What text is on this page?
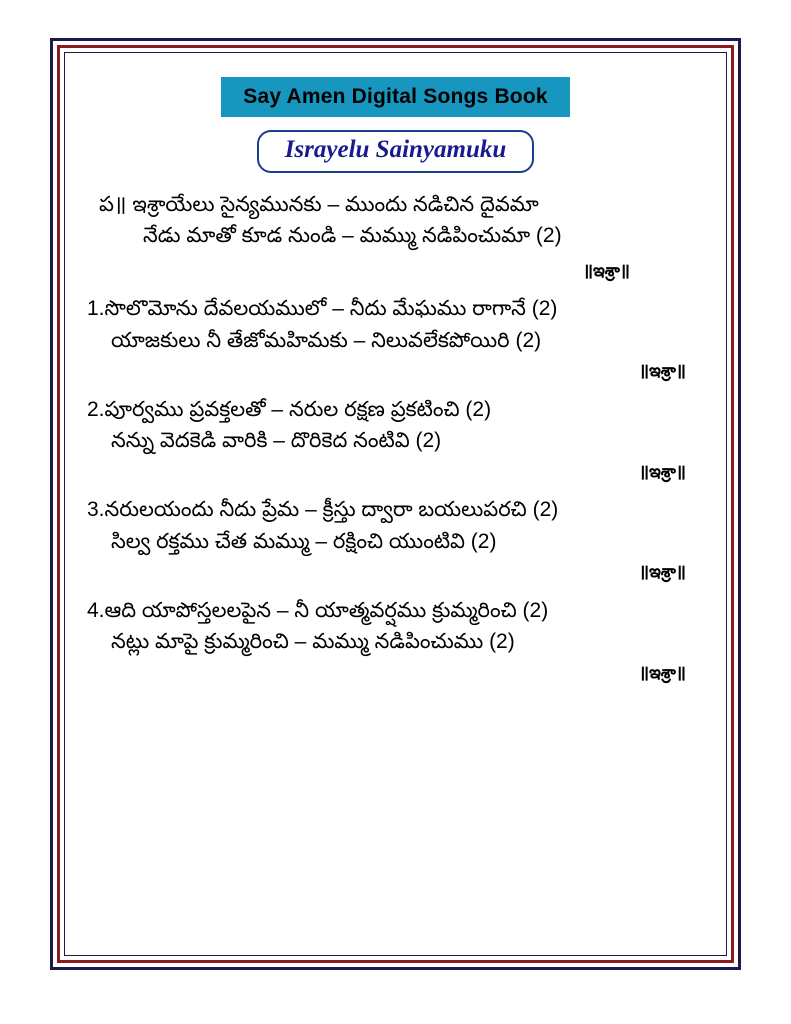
Say Amen Digital Songs Book
Israyelu Sainyamuku
ప॥ ఇశ్రాయేలు సైన్యమునకు – ముందు నడిచిన దైవమా
నేడు మాతో కూడ నుండి – మమ్ము నడిపించుమా (2)
॥ఇశ్రా॥
1.సొలొమోను దేవలయములో – నీదు మేఘము రాగానే (2)
యాజకులు నీ తేజోమహిమకు – నిలువలేకపోయిరి (2)
॥ఇశ్రా॥
2.పూర్వము ప్రవక్తలతో – నరుల రక్షణ ప్రకటించి (2)
నన్ను వెదకెడి వారికి – దొరికెద నంటివి (2)
॥ఇశ్రా॥
3.నరులయందు నీదు ప్రేమ – క్రీస్తు ద్వారా బయలుపరచి (2)
సిల్వ రక్తము చేత మమ్ము – రక్షించి యుంటివి (2)
॥ఇశ్రా॥
4.ఆది యాపోస్తలలపైన – నీ యాత్మవర్షము క్రుమ్మరించి (2)
నట్లు మాపై క్రుమ్మరించి – మమ్ము నడిపించుము (2)
॥ఇశ్రా॥
